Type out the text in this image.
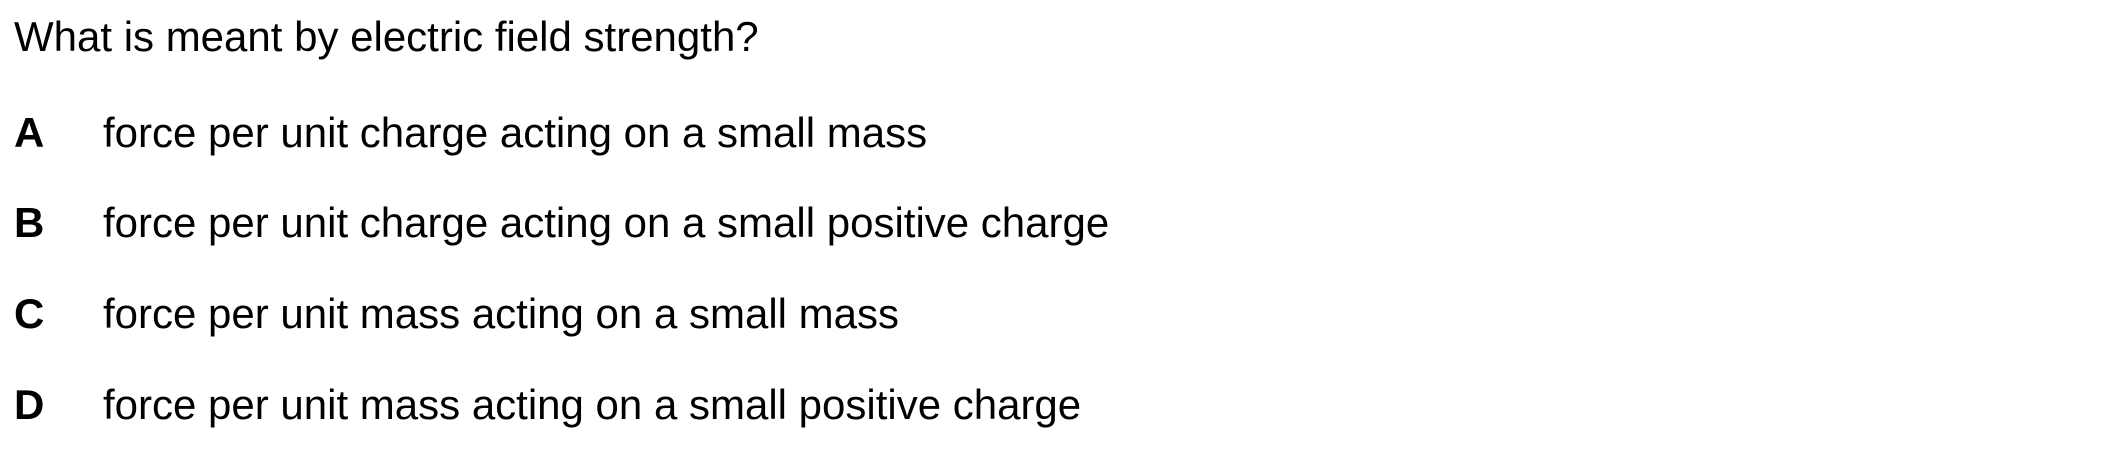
What is meant by electric field strength?
A force per unit charge acting on a small mass
B force per unit charge acting on a small positive charge
C force per unit mass acting on a small mass
D force per unit mass acting on a small positive charge
